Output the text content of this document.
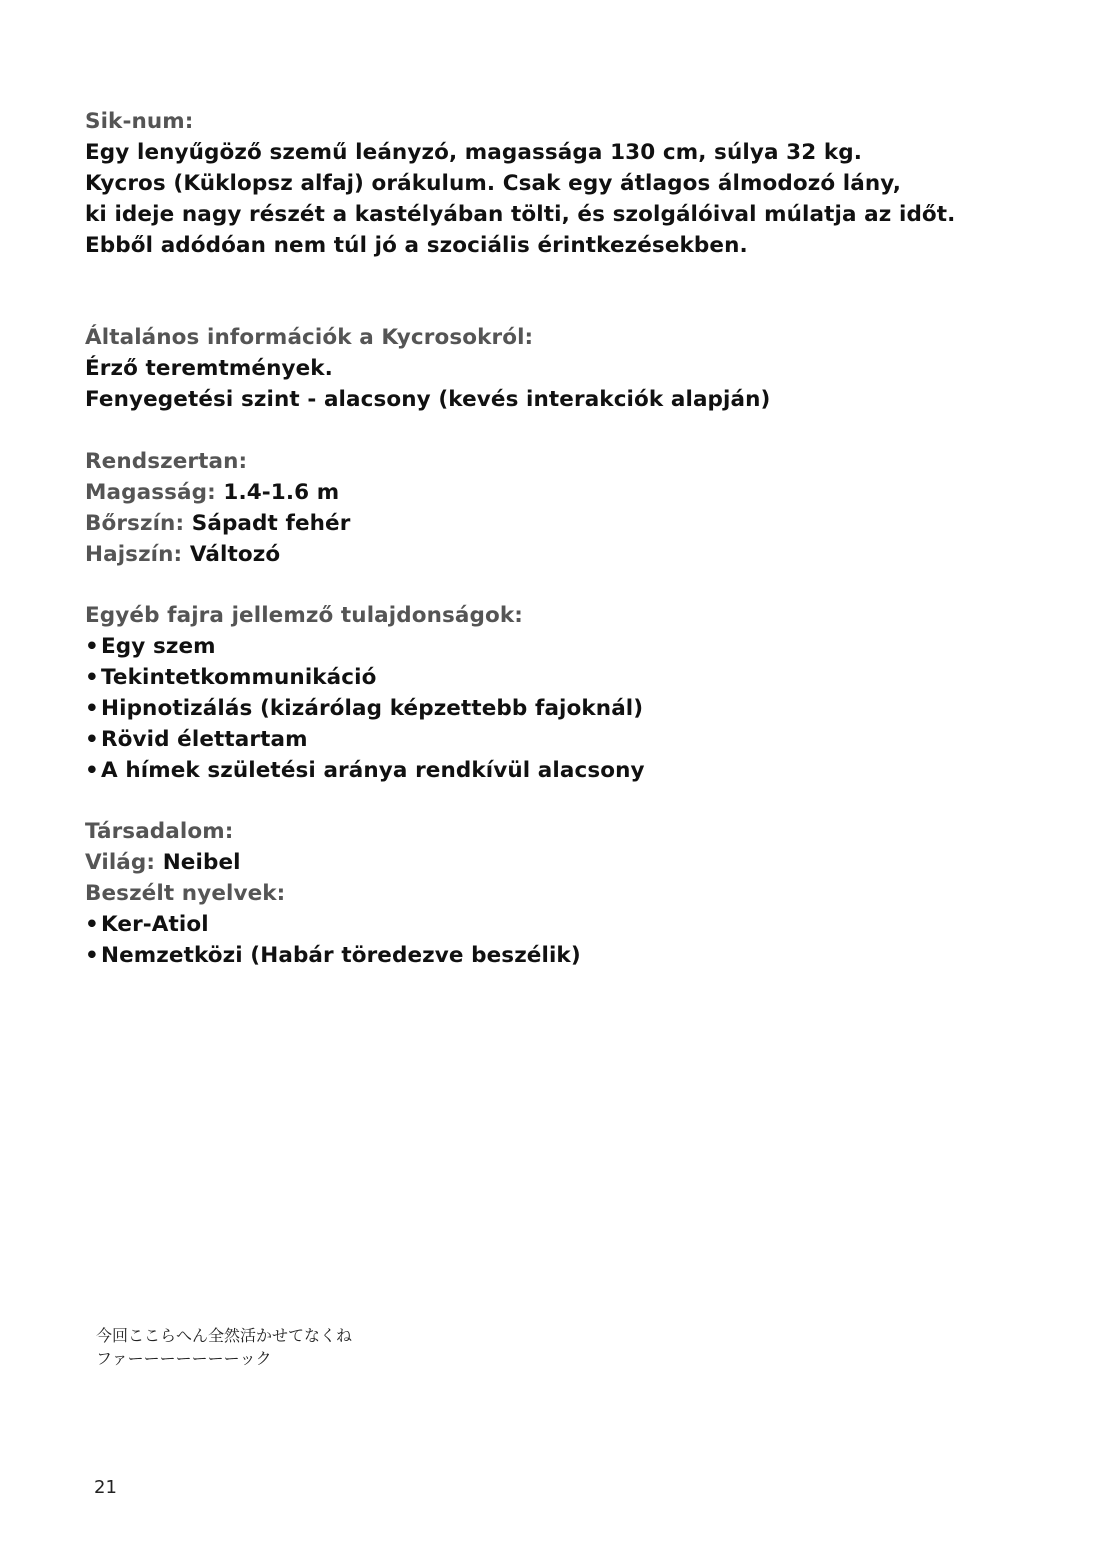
Sik-num:
Egy lenyűgöző szemű leányzó, magassága 130 cm, súlya 32 kg.
Kycros (Küklopsz alfaj) orákulum. Csak egy átlagos álmodozó lány,
ki ideje nagy részét a kastélyában tölti, és szolgálóival múlatja az időt.
Ebből adódóan nem túl jó a szociális érintkezésekben.
Általános információk a Kycrosokról:
Érző teremtmények.
Fenyegetési szint - alacsony (kevés interakciók alapján)
Rendszertan:
Magasság: 1.4-1.6 m
Bőrszín: Sápadt fehér
Hajszín: Változó
Egyéb fajra jellemző tulajdonságok:
• Egy szem
• Tekintetkommunikáció
• Hipnotizálás (kizárólag képzettebb fajoknál)
• Rövid élettartam
• A hímek születési aránya rendkívül alacsony
Társadalom:
Világ: Neibel
Beszélt nyelvek:
• Ker-Atiol
• Nemzetközi (Habár töredezve beszélik)
今回ここらへん全然活かせてなくね
ファーーーーーーーック
21
